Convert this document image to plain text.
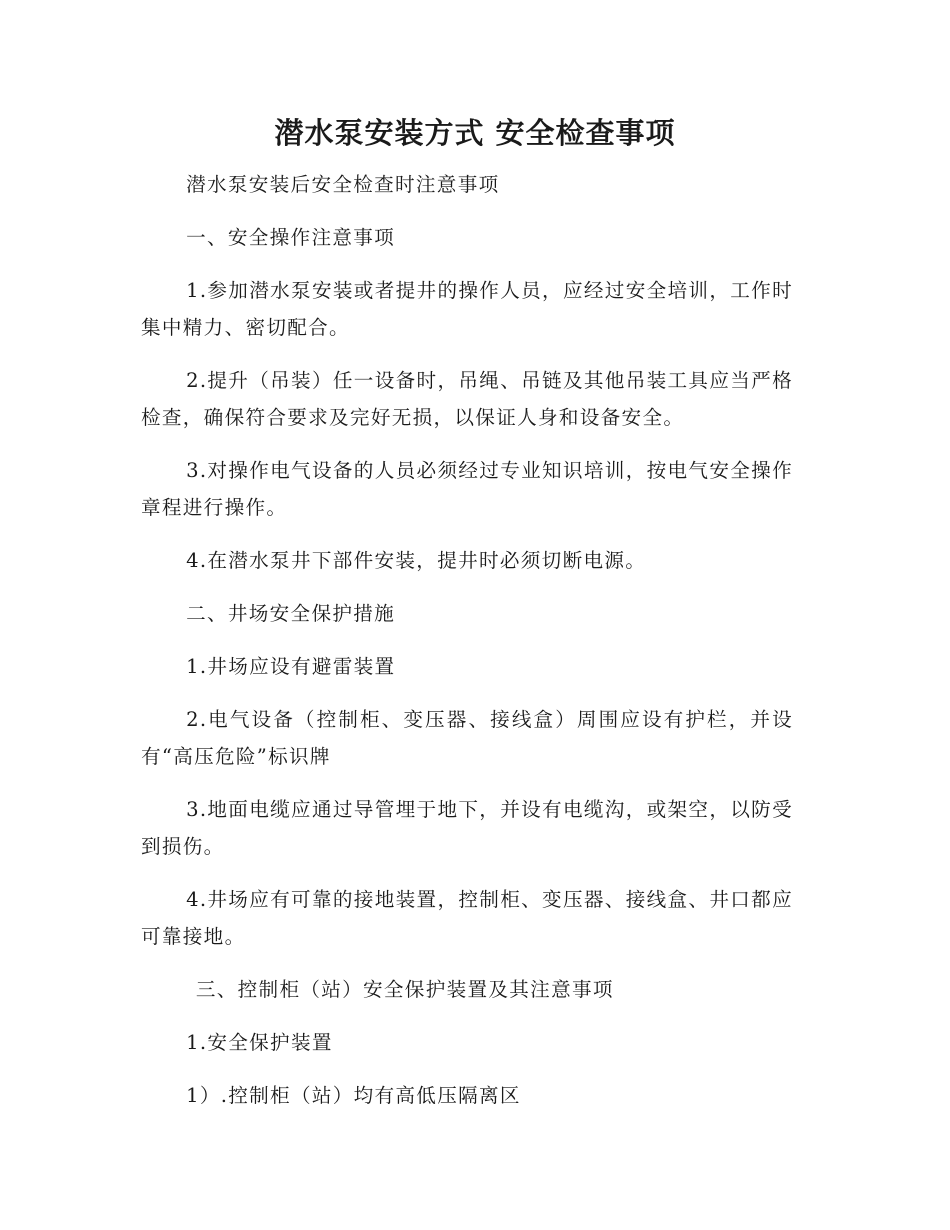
潜水泵安装方式 安全检查事项

潜水泵安装后安全检查时注意事项

一、安全操作注意事项

1.参加潜水泵安装或者提井的操作人员，应经过安全培训，工作时集中精力、密切配合。

2.提升（吊装）任一设备时，吊绳、吊链及其他吊装工具应当严格检查，确保符合要求及完好无损，以保证人身和设备安全。

3.对操作电气设备的人员必须经过专业知识培训，按电气安全操作章程进行操作。

4.在潜水泵井下部件安装，提井时必须切断电源。

二、井场安全保护措施

1.井场应设有避雷装置

2.电气设备（控制柜、变压器、接线盒）周围应设有护栏，并设有“高压危险”标识牌

3.地面电缆应通过导管埋于地下，并设有电缆沟，或架空，以防受到损伤。

4.井场应有可靠的接地装置，控制柜、变压器、接线盒、井口都应可靠接地。

三、控制柜（站）安全保护装置及其注意事项

1.安全保护装置

1）.控制柜（站）均有高低压隔离区
